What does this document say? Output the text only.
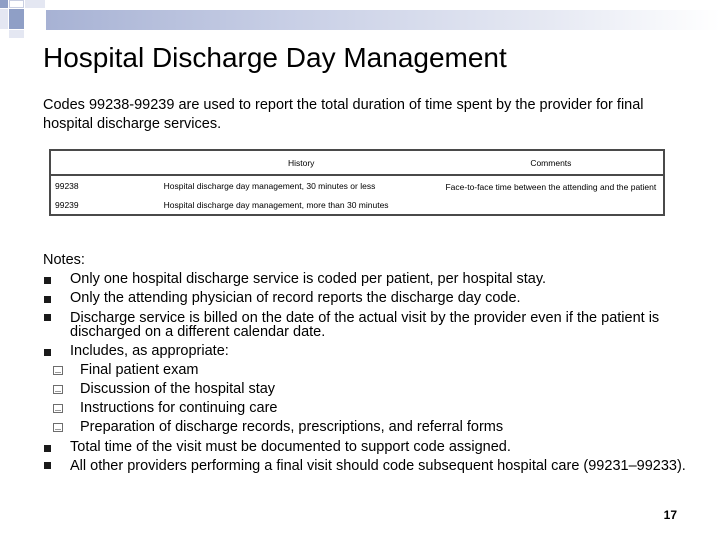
Hospital Discharge Day Management

Codes 99238-99239 are used to report the total duration of time spent by the provider for final hospital discharge services.

	History	Comments
99238	Hospital discharge day management, 30 minutes or less	Face-to-face time between the attending and the patient
99239	Hospital discharge day management, more than 30 minutes	
Notes:
Only one hospital discharge service is coded per patient, per hospital stay.
Only the attending physician of record reports the discharge day code.
Discharge service is billed on the date of the actual visit by the provider even if the patient is discharged on a different calendar date.
Includes, as appropriate:
Final patient exam
Discussion of the hospital stay
Instructions for continuing care
Preparation of discharge records, prescriptions, and referral forms
Total time of the visit must be documented to support code assigned.
All other providers performing a final visit should code subsequent hospital care (99231–99233).
17
